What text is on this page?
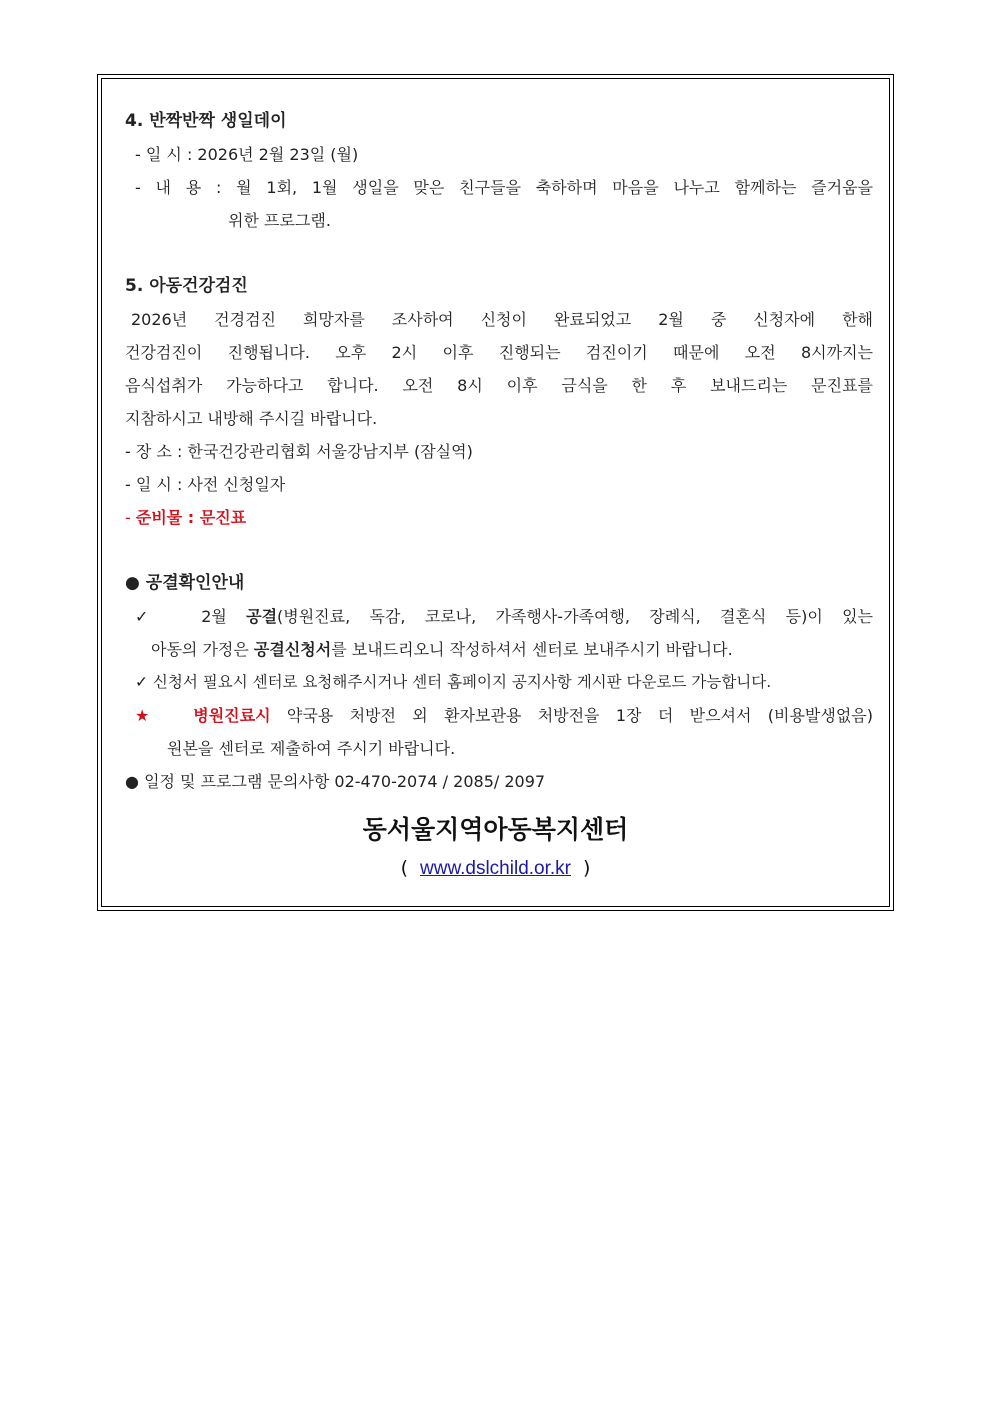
4. 반짝반짝 생일데이
- 일 시 : 2026년 2월 23일 (월)
- 내 용 : 월 1회, 1월 생일을 맞은 친구들을 축하하며 마음을 나누고 함께하는 즐거움을
위한 프로그램.
5. 아동건강검진
2026년 건경검진 희망자를 조사하여 신청이 완료되었고 2월 중 신청자에 한해
건강검진이 진행됩니다. 오후 2시 이후 진행되는 검진이기 때문에 오전 8시까지는
음식섭취가 가능하다고 합니다. 오전 8시 이후 금식을 한 후 보내드리는 문진표를
지참하시고 내방해 주시길 바랍니다.
- 장 소 : 한국건강관리협회 서울강남지부 (잠실역)
- 일 시 : 사전 신청일자
- 준비물 : 문진표
● 공결확인안내
✓ 2월 공결(병원진료, 독감, 코로나, 가족행사-가족여행, 장례식, 결혼식 등)이 있는
아동의 가정은 공결신청서를 보내드리오니 작성하셔서 센터로 보내주시기 바랍니다.
✓ 신청서 필요시 센터로 요청해주시거나 센터 홈페이지 공지사항 게시판 다운로드 가능합니다.
★ 병원진료시 약국용 처방전 외 환자보관용 처방전을 1장 더 받으셔서 (비용발생없음)
원본을 센터로 제출하여 주시기 바랍니다.
● 일정 및 프로그램 문의사항 02-470-2074 / 2085/ 2097
동서울지역아동복지센터
( www.dslchild.or.kr )
